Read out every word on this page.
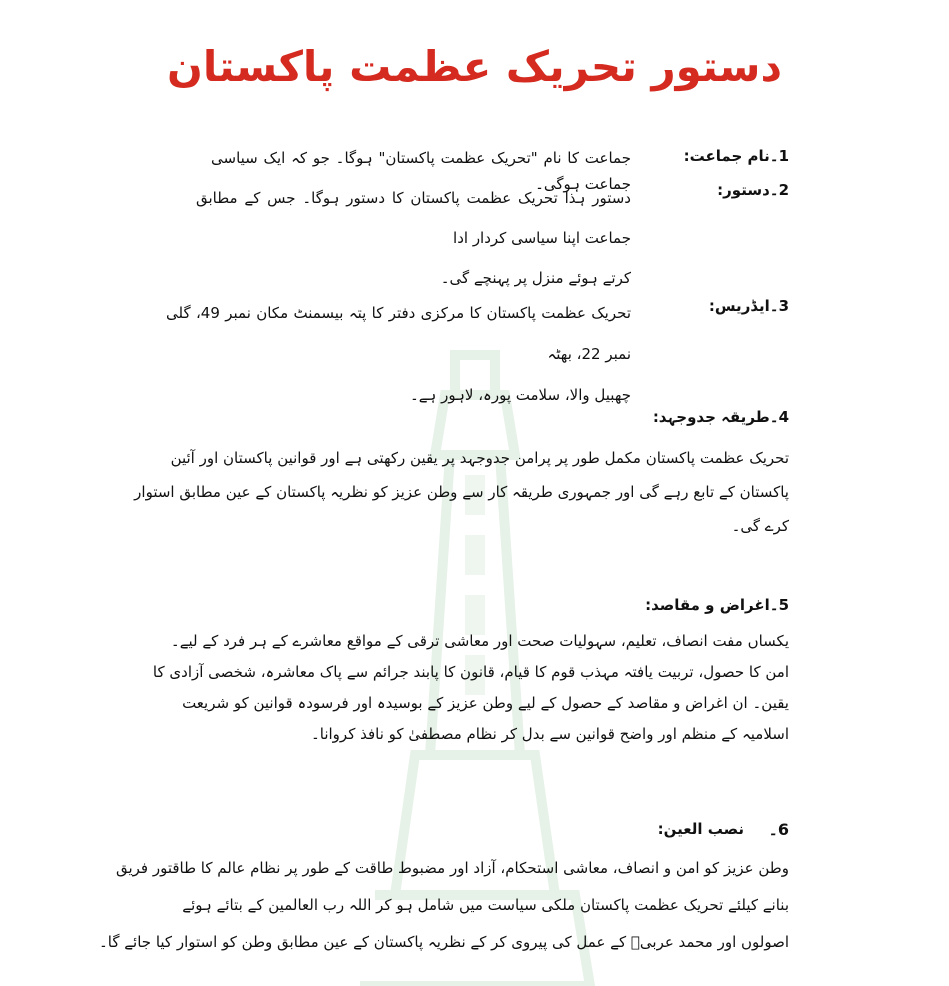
دستور تحریک عظمت پاکستان
1۔نام جماعت:

جماعت کا نام "تحریک عظمت پاکستان" ہوگا۔ جو کہ ایک سیاسی جماعت ہوگی۔	2۔دستور:

دستور ہذا تحریک عظمت پاکستان کا دستور ہوگا۔ جس کے مطابق جماعت اپنا سیاسی کردار ادا

کرتے ہوئے منزل پر پہنچے گی۔

3۔ایڈریس:

تحریک عظمت پاکستان کا مرکزی دفتر کا پتہ بیسمنٹ مکان نمبر 49، گلی نمبر 22، بھٹہ

چھبیل والا، سلامت پورہ، لاہور ہے۔

4۔طریقہ جدوجہد:

تحریک عظمت پاکستان مکمل طور پر پرامن جدوجہد پر یقین رکھتی ہے اور قوانین پاکستان اور آئین

پاکستان کے تابع رہے گی اور جمہوری طریقہ کار سے وطن عزیز کو نظریہ پاکستان کے عین مطابق استوار

کرے گی۔

5۔اغراض و مقاصد:

یکساں مفت انصاف، تعلیم، سہولیات صحت اور معاشی ترقی کے مواقع معاشرے کے ہر فرد کے لیے۔

امن کا حصول، تربیت یافتہ مہذب قوم کا قیام، قانون کا پابند جرائم سے پاک معاشرہ، شخصی آزادی کا

یقین۔ ان اغراض و مقاصد کے حصول کے لیے وطن عزیز کے بوسیدہ اور فرسودہ قوانین کو شریعت

اسلامیہ کے منظم اور واضح قوانین سے بدل کر نظام مصطفیٰ کو نافذ کروانا۔

6۔
نصب العین:

وطن عزیز کو امن و انصاف، معاشی استحکام، آزاد اور مضبوط طاقت کے طور پر نظام عالم کا طاقتور فریق

بنانے کیلئے تحریک عظمت پاکستان ملکی سیاست میں شامل ہو کر اللہ رب العالمین کے بتائے ہوئے

اصولوں اور محمد عربیؐ کے عمل کی پیروی کر کے نظریہ پاکستان کے عین مطابق وطن کو استوار کیا جائے گا۔
